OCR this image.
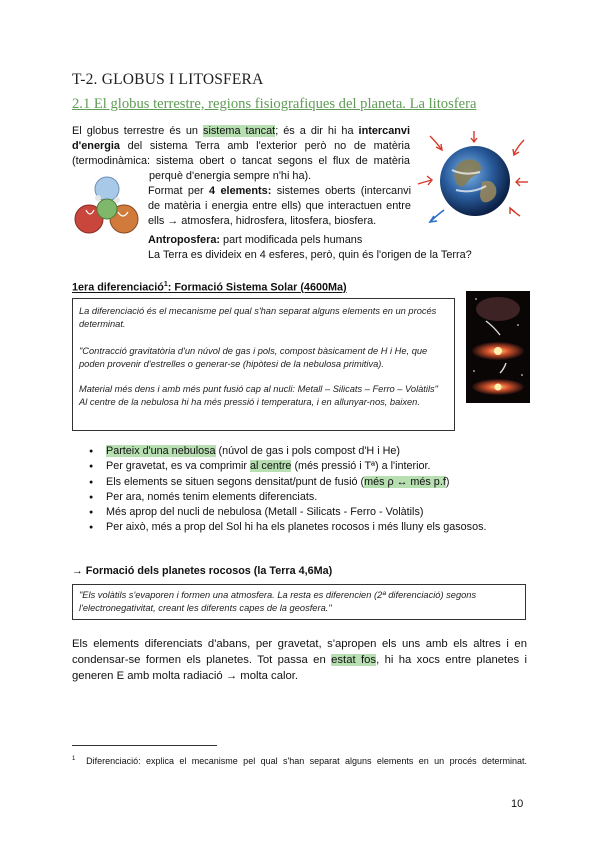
T-2. GLOBUS I LITOSFERA
2.1 El globus terrestre, regions fisiografiques del planeta. La litosfera
El globus terrestre és un sistema tancat; és a dir hi ha intercanvi
d'energia del sistema Terra amb l'exterior però no de matèria
(termodinàmica: sistema obert o tancat segons el flux de matèria
perquè d'energia sempre n'hi ha).
Format per 4 elements: sistemes oberts (intercanvi
de matèria i energia entre ells) que interactuen entre
ells → atmosfera, hidrosfera, litosfera, biosfera.
Antroposfera: part modificada pels humans
La Terra es divideix en 4 esferes, però, quin és l'origen de la Terra?
1era diferenciació$^1$: Formació Sistema Solar (4600Ma)

La diferenciació és el mecanisme pel qual s'han separat alguns elements en un procés determinat.

"Contracció gravitatòria d'un núvol de gas i pols, compost bàsicament de H i He, que poden provenir d'estrelles o generar-se (hipòtesi de la nebulosa primitiva).

Material més dens i amb més punt fusió cap al nucli: Metall – Silicats – Ferro – Volàtils"

Al centre de la nebulosa hi ha més pressió i temperatura, i en allunyar-nos, baixen.

● Partеix d'una nebulosa (núvol de gas i pols compost d'H i He)
● Per gravetat, es va comprimir al centre (més pressió i Tª) a l'interior.
● Els elements se situen segons densitat/punt de fusió (més ρ ↔ més p.f)
● Per ara, només tenim elements diferenciats.
● Més aprop del nucli de nebulosa (Metall - Silicats - Ferro - Volàtils)
● Per això, més a prop del Sol hi ha els planetes rocosos i més lluny els gasosos.
→ Formació dels planetes rocosos (la Terra 4,6Ma)

"Els volàtils s'evaporen i formen una atmosfera. La resta es diferencien (2ª diferenciació) segons l'electronegativitat, creant les diferents capes de la geosfera."

Els elements diferenciats d'abans, per gravetat, s'apropen els uns amb els altres i en
condensar-se formen els planetes. Tot passa en estat fos, hi ha xocs entre planetes i
generen E amb molta radiació → molta calor.
$^1$ Diferenciació: explica el mecanisme pel qual s'han separat alguns elements en un procés determinat.
10
